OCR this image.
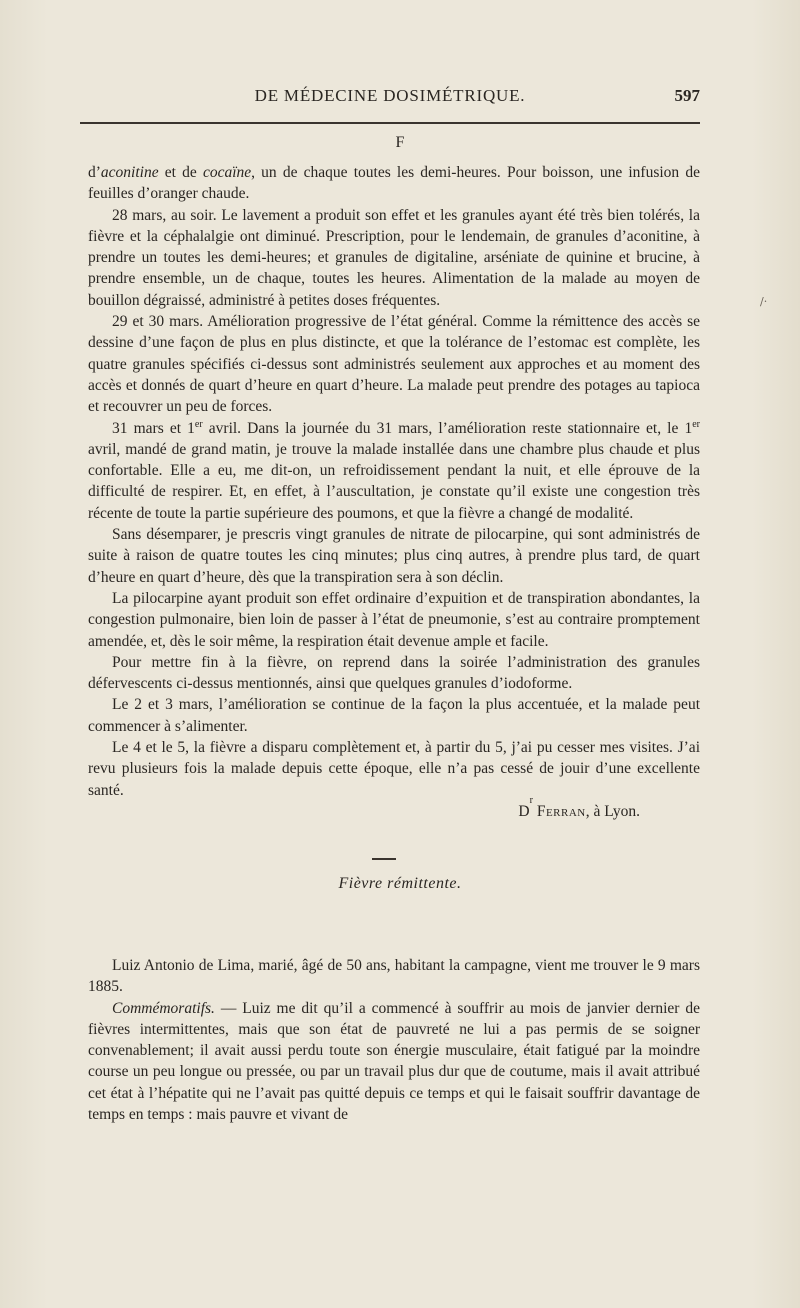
DE MÉDECINE DOSIMÉTRIQUE.	597
F

d’aconitine et de cocaïne, un de chaque toutes les demi-heures. Pour boisson, une infusion de feuilles d’oranger chaude.

28 mars, au soir. Le lavement a produit son effet et les granules ayant été très bien tolérés, la fièvre et la céphalalgie ont diminué. Prescription, pour le lendemain, de granules d’aconitine, à prendre un toutes les demi-heures; et granules de digitaline, arséniate de quinine et brucine, à prendre ensemble, un de chaque, toutes les heures. Alimentation de la malade au moyen de bouillon dégraissé, administré à petites doses fréquentes.

29 et 30 mars. Amélioration progressive de l’état général. Comme la rémittence des accès se dessine d’une façon de plus en plus distincte, et que la tolérance de l’estomac est complète, les quatre granules spécifiés ci-dessus sont administrés seulement aux approches et au moment des accès et donnés de quart d’heure en quart d’heure. La malade peut prendre des potages au tapioca et recouvrer un peu de forces.

31 mars et 1er avril. Dans la journée du 31 mars, l’amélioration reste stationnaire et, le 1er avril, mandé de grand matin, je trouve la malade installée dans une chambre plus chaude et plus confortable. Elle a eu, me dit-on, un refroidissement pendant la nuit, et elle éprouve de la difficulté de respirer. Et, en effet, à l’auscultation, je constate qu’il existe une congestion très récente de toute la partie supérieure des poumons, et que la fièvre a changé de modalité.

Sans désemparer, je prescris vingt granules de nitrate de pilocarpine, qui sont administrés de suite à raison de quatre toutes les cinq minutes; plus cinq autres, à prendre plus tard, de quart d’heure en quart d’heure, dès que la transpiration sera à son déclin.

La pilocarpine ayant produit son effet ordinaire d’expuition et de transpiration abondantes, la congestion pulmonaire, bien loin de passer à l’état de pneumonie, s’est au contraire promptement amendée, et, dès le soir même, la respiration était devenue ample et facile.

Pour mettre fin à la fièvre, on reprend dans la soirée l’administration des granules défervescents ci-dessus mentionnés, ainsi que quelques granules d’iodoforme.

Le 2 et 3 mars, l’amélioration se continue de la façon la plus accentuée, et la malade peut commencer à s’alimenter.

Le 4 et le 5, la fièvre a disparu complètement et, à partir du 5, j’ai pu cesser mes visites. J’ai revu plusieurs fois la malade depuis cette époque, elle n’a pas cessé de jouir d’une excellente santé.

D
r

Ferran , à Lyon.
Fièvre rémittente.

Luiz Antonio de Lima, marié, âgé de 50 ans, habitant la campagne, vient me trouver le 9 mars 1885.

Commémoratifs. — Luiz me dit qu’il a commencé à souffrir au mois de janvier dernier de fièvres intermittentes, mais que son état de pauvreté ne lui a pas permis de se soigner convenablement; il avait aussi perdu toute son énergie musculaire, était fatigué par la moindre course un peu longue ou pressée, ou par un travail plus dur que de coutume, mais il avait attribué cet état à l’hépatite qui ne l’avait pas quitté depuis ce temps et qui le faisait souffrir davantage de temps en temps : mais pauvre et vivant de

/·
